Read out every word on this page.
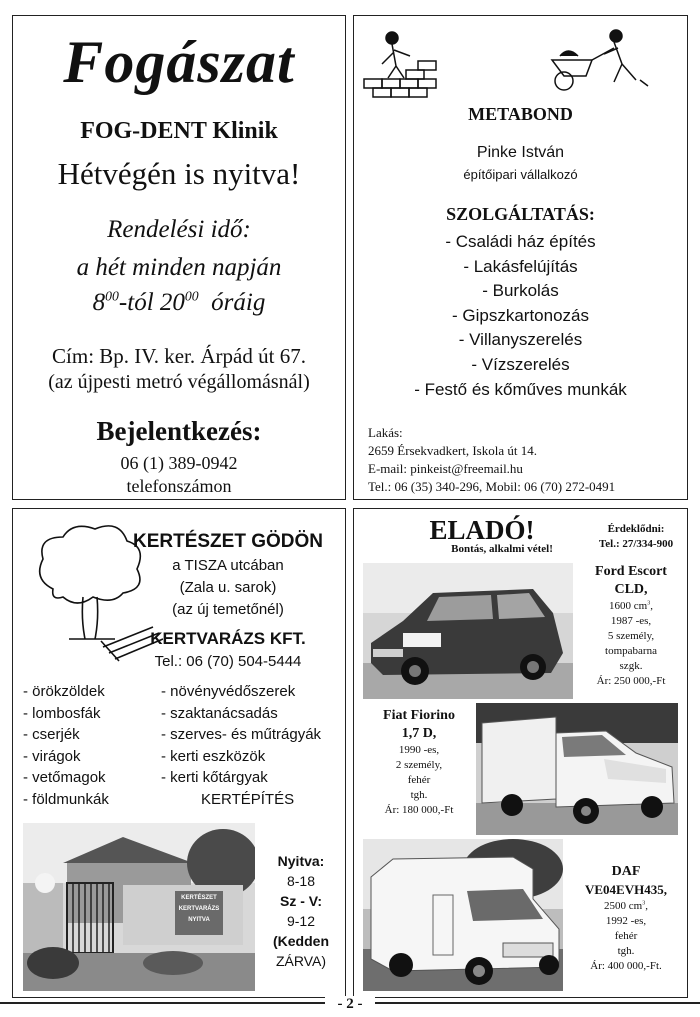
Fogászat
FOG-DENT Klinik
Hétvégén is nyitva!
Rendelési idő:
a hét minden napján
$8^{00}$-tól $20^{00}$ óráig
Cím: Bp. IV. ker. Árpád út 67.
(az újpesti metró végállomásnál)
Bejelentkezés:
06 (1) 389-0942
telefonszámon
METABOND
Pinke István
építőipari vállalkozó
SZOLGÁLTATÁS:
- Családi ház építés
- Lakásfelújítás
- Burkolás
- Gipszkartonozás
- Villanyszerelés
- Vízszerelés
- Festő és kőműves munkák
Lakás:
2659 Érsekvadkert, Iskola út 14.
E-mail: pinkeist@freemail.hu
Tel.: 06 (35) 340-296, Mobil: 06 (70) 272-0491
KERTÉSZET GÖDÖN
a TISZA utcában
(Zala u. sarok)
(az új temetőnél)
KERTVARÁZS KFT.
Tel.: 06 (70) 504-5444
- örökzöldek
- lombosfák
- cserjék
- virágok
- vetőmagok
- földmunkák
- növényvédőszerek
- szaktanácsadás
- szerves- és műtrágyák
- kerti eszközök
- kerti kőtárgyak
KERTÉPÍTÉS
KERTÉSZET
KERTVARÁZS
NYITVA
Nyitva:
8-18
Sz - V:
9-12
(Kedden
ZÁRVA)
ELADÓ!
Bontás, alkalmi vétel!
Érdeklődni:
Tel.: 27/334-900
Ford Escort
CLD,
1600 $cm^3$,
1987 -es,
5 személy,
tompabarna
szgk.
Ár: 250 000,-Ft
Fiat Fiorino
1,7 D,
1990 -es,
2 személy,
fehér
tgh.
Ár: 180 000,-Ft
DAF
VE04EVH435,
2500 $cm^3$,
1992 -es,
fehér
tgh.
Ár: 400 000,-Ft.
- 2 -
